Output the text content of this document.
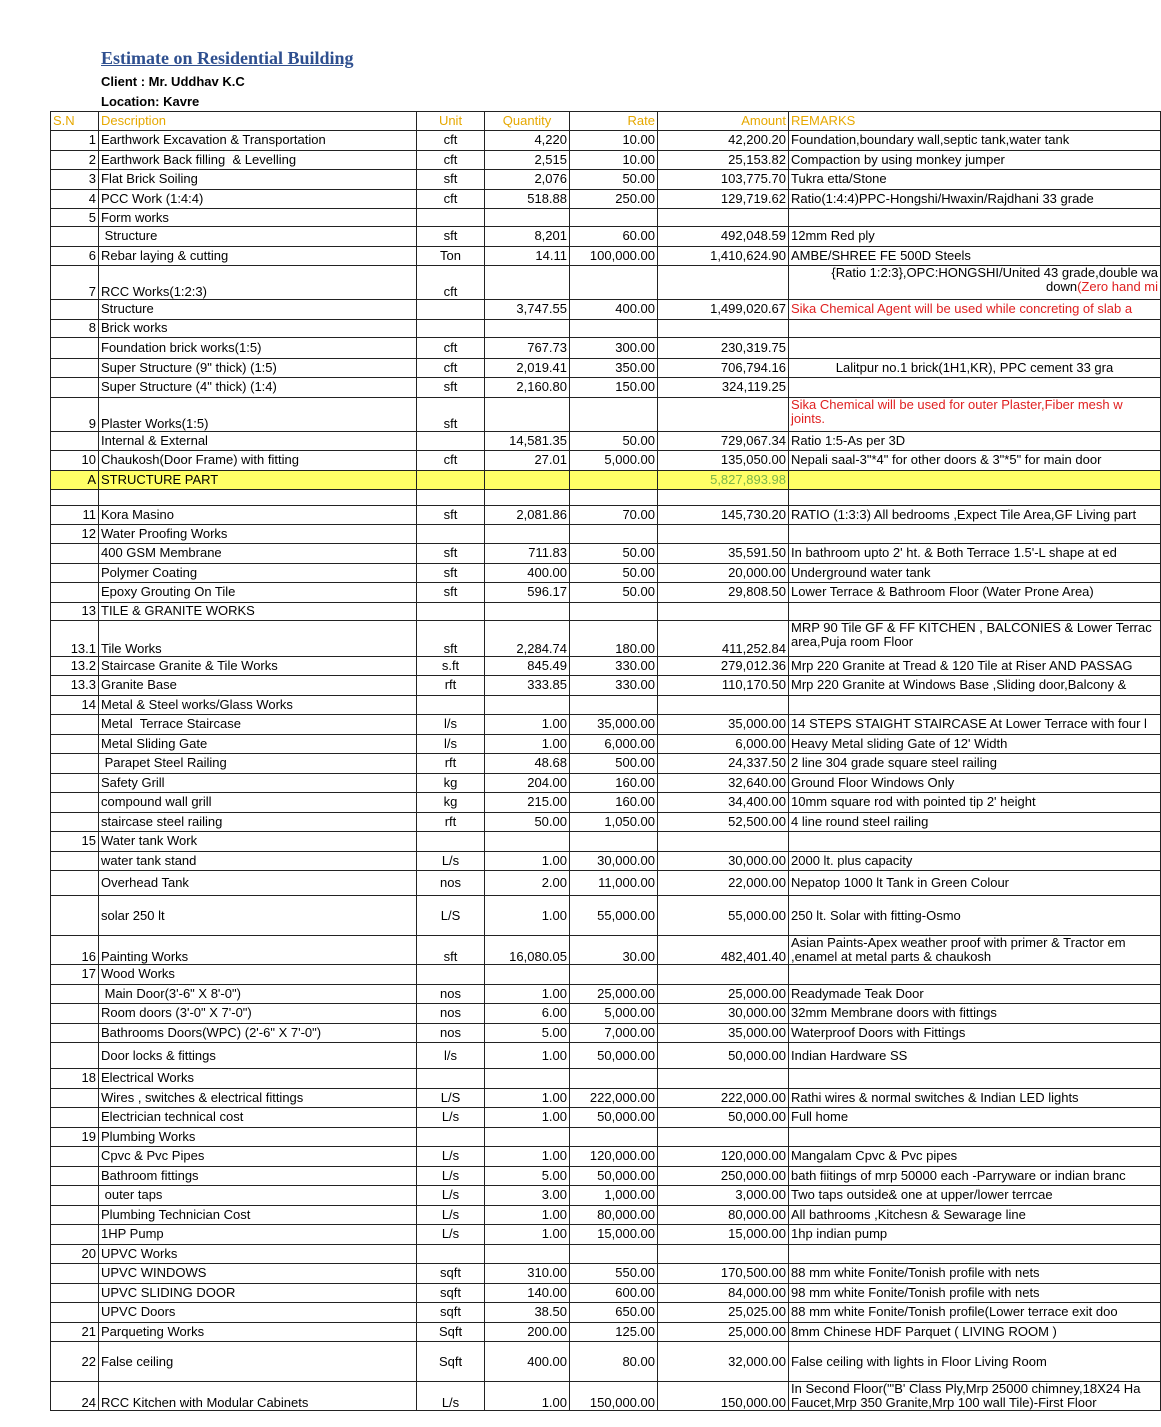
Estimate on Residential Building
Client : Mr. Uddhav K.C
Location: Kavre
S.N	Description	Unit	Quantity	Rate	Amount	REMARKS
1	Earthwork Excavation & Transportation	cft	4,220	10.00	42,200.20	Foundation,boundary wall,septic tank,water tank
2	Earthwork Back filling  & Levelling	cft	2,515	10.00	25,153.82	Compaction by using monkey jumper
3	Flat Brick Soiling	sft	2,076	50.00	103,775.70	Tukra etta/Stone
4	PCC Work (1:4:4)	cft	518.88	250.00	129,719.62	Ratio(1:4:4)PPC-Hongshi/Hwaxin/Rajdhani 33 grade
5	Form works					
	Structure	sft	8,201	60.00	492,048.59	12mm Red ply
6	Rebar laying & cutting	Ton	14.11	100,000.00	1,410,624.90	AMBE/SHREE FE 500D Steels
7	RCC Works(1:2:3)	cft				{Ratio 1:2:3},OPC:HONGSHI/United 43 grade,double wa
down(Zero hand mi
	Structure		3,747.55	400.00	1,499,020.67	Sika Chemical Agent will be used while concreting of slab a
8	Brick works					
	Foundation brick works(1:5)	cft	767.73	300.00	230,319.75	
	Super Structure (9" thick) (1:5)	cft	2,019.41	350.00	706,794.16	Lalitpur no.1 brick(1H1,KR), PPC cement 33 gra
	Super Structure (4" thick) (1:4)	sft	2,160.80	150.00	324,119.25	
9	Plaster Works(1:5)	sft				Sika Chemical will be used for outer Plaster,Fiber mesh w
joints.
	Internal & External		14,581.35	50.00	729,067.34	Ratio 1:5-As per 3D
10	Chaukosh(Door Frame) with fitting	cft	27.01	5,000.00	135,050.00	Nepali saal-3"*4" for other doors & 3"*5" for main door
A	STRUCTURE PART				5,827,893.98	

11	Kora Masino	sft	2,081.86	70.00	145,730.20	RATIO (1:3:3) All bedrooms ,Expect Tile Area,GF Living part
12	Water Proofing Works					
	400 GSM Membrane	sft	711.83	50.00	35,591.50	In bathroom upto 2' ht. & Both Terrace 1.5'-L shape at ed
	Polymer Coating	sft	400.00	50.00	20,000.00	Underground water tank
	Epoxy Grouting On Tile	sft	596.17	50.00	29,808.50	Lower Terrace & Bathroom Floor (Water Prone Area)
13	TILE & GRANITE WORKS					
13.1	Tile Works	sft	2,284.74	180.00	411,252.84	MRP 90 Tile GF & FF KITCHEN , BALCONIES & Lower Terrac
area,Puja room Floor
13.2	Staircase Granite & Tile Works	s.ft	845.49	330.00	279,012.36	Mrp 220 Granite at Tread & 120 Tile at Riser AND PASSAG
13.3	Granite Base	rft	333.85	330.00	110,170.50	Mrp 220 Granite at Windows Base ,Sliding door,Balcony &
14	Metal & Steel works/Glass Works					
	Metal  Terrace Staircase	l/s	1.00	35,000.00	35,000.00	14 STEPS STAIGHT STAIRCASE At Lower Terrace with four l
	Metal Sliding Gate	l/s	1.00	6,000.00	6,000.00	Heavy Metal sliding Gate of 12' Width
	Parapet Steel Railing	rft	48.68	500.00	24,337.50	2 line 304 grade square steel railing
	Safety Grill	kg	204.00	160.00	32,640.00	Ground Floor Windows Only
	compound wall grill	kg	215.00	160.00	34,400.00	10mm square rod with pointed tip 2' height
	staircase steel railing	rft	50.00	1,050.00	52,500.00	4 line round steel railing
15	Water tank Work					
	water tank stand	L/s	1.00	30,000.00	30,000.00	2000 lt. plus capacity
	Overhead Tank	nos	2.00	11,000.00	22,000.00	Nepatop 1000 lt Tank in Green Colour
	solar 250 lt	L/S	1.00	55,000.00	55,000.00	250 lt. Solar with fitting-Osmo
16	Painting Works	sft	16,080.05	30.00	482,401.40	Asian Paints-Apex weather proof with primer & Tractor em
,enamel at metal parts & chaukosh
17	Wood Works					
	Main Door(3'-6" X 8'-0")	nos	1.00	25,000.00	25,000.00	Readymade Teak Door
	Room doors (3'-0" X 7'-0")	nos	6.00	5,000.00	30,000.00	32mm Membrane doors with fittings
	Bathrooms Doors(WPC) (2'-6" X 7'-0")	nos	5.00	7,000.00	35,000.00	Waterproof Doors with Fittings
	Door locks & fittings	l/s	1.00	50,000.00	50,000.00	Indian Hardware SS
18	Electrical Works					
	Wires , switches & electrical fittings	L/S	1.00	222,000.00	222,000.00	Rathi wires & normal switches & Indian LED lights
	Electrician technical cost	L/s	1.00	50,000.00	50,000.00	Full home
19	Plumbing Works					
	Cpvc & Pvc Pipes	L/s	1.00	120,000.00	120,000.00	Mangalam Cpvc & Pvc pipes
	Bathroom fittings	L/s	5.00	50,000.00	250,000.00	bath fiitings of mrp 50000 each -Parryware or indian branc
	outer taps	L/s	3.00	1,000.00	3,000.00	Two taps outside& one at upper/lower terrcae
	Plumbing Technician Cost	L/s	1.00	80,000.00	80,000.00	All bathrooms ,Kitchesn & Sewarage line
	1HP Pump	L/s	1.00	15,000.00	15,000.00	1hp indian pump
20	UPVC Works					
	UPVC WINDOWS	sqft	310.00	550.00	170,500.00	88 mm white Fonite/Tonish profile with nets
	UPVC SLIDING DOOR	sqft	140.00	600.00	84,000.00	98 mm white Fonite/Tonish profile with nets
	UPVC Doors	sqft	38.50	650.00	25,025.00	88 mm white Fonite/Tonish profile(Lower terrace exit doo
21	Parqueting Works	Sqft	200.00	125.00	25,000.00	8mm Chinese HDF Parquet ( LIVING ROOM )
22	False ceiling	Sqft	400.00	80.00	32,000.00	False ceiling with lights in Floor Living Room
24	RCC Kitchen with Modular Cabinets	L/s	1.00	150,000.00	150,000.00	In Second Floor("'B' Class Ply,Mrp 25000 chimney,18X24 Ha
Faucet,Mrp 350 Granite,Mrp 100 wall Tile)-First Floor
